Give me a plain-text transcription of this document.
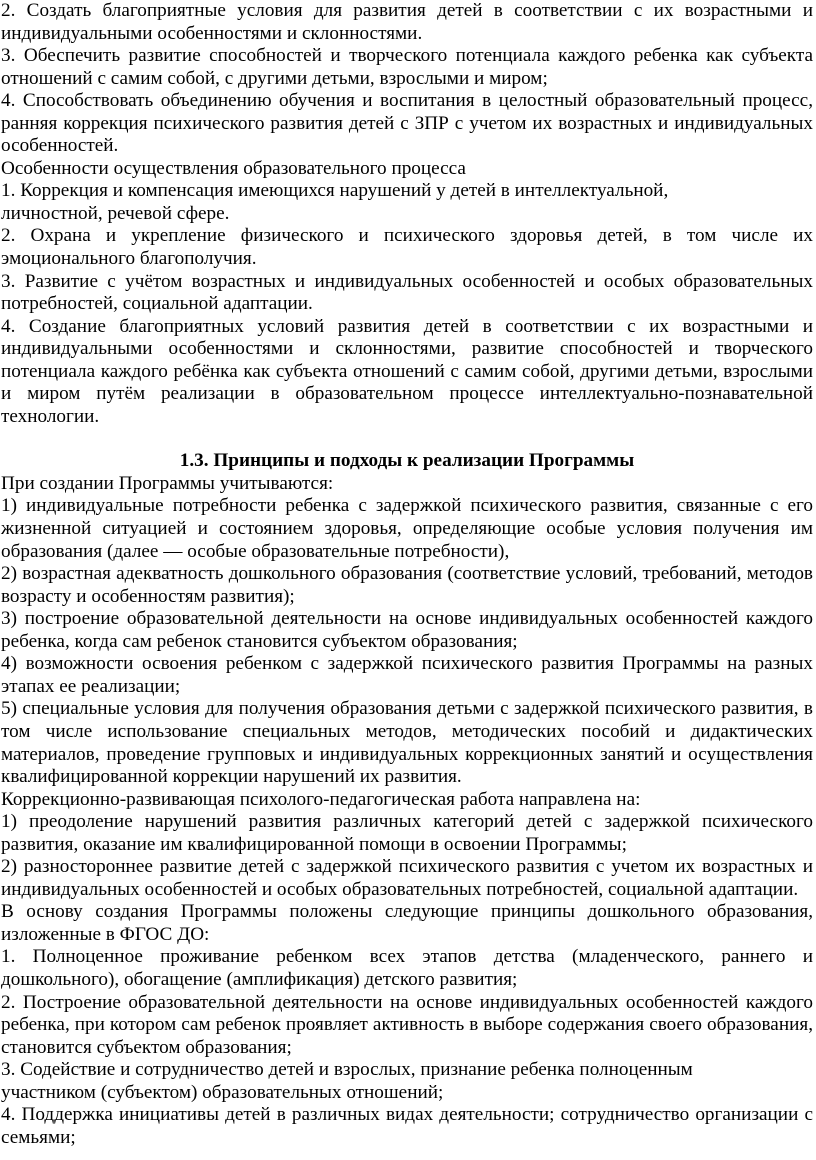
2. Создать благоприятные условия для развития детей в соответствии с их возрастными и индивидуальными особенностями и склонностями.

3. Обеспечить развитие способностей и творческого потенциала каждого ребенка как субъекта отношений с самим собой, с другими детьми, взрослыми и миром;

4. Способствовать объединению обучения и воспитания в целостный образовательный процесс, ранняя коррекция психического развития детей с ЗПР с учетом их возрастных и индивидуальных особенностей.

Особенности осуществления образовательного процесса

1. Коррекция и компенсация имеющихся нарушений у детей в интеллектуальной,
личностной, речевой сфере.

2. Охрана и укрепление физического и психического здоровья детей, в том числе их эмоционального благополучия.

3. Развитие с учётом возрастных и индивидуальных особенностей и особых образовательных потребностей, социальной адаптации.

4. Создание благоприятных условий развития детей в соответствии с их возрастными и индивидуальными особенностями и склонностями, развитие способностей и творческого потенциала каждого ребёнка как субъекта отношений с самим собой, другими детьми, взрослыми и миром путём реализации в образовательном процессе интеллектуально-познавательной технологии.

1.3. Принципы и подходы к реализации Программы

При создании Программы учитываются:

1) индивидуальные потребности ребенка с задержкой психического развития, связанные с его жизненной ситуацией и состоянием здоровья, определяющие особые условия получения им образования (далее — особые образовательные потребности),

2) возрастная адекватность дошкольного образования (соответствие условий, требований, методов возрасту и особенностям развития);

3) построение образовательной деятельности на основе индивидуальных особенностей каждого ребенка, когда сам ребенок становится субъектом образования;

4) возможности освоения ребенком с задержкой психического развития Программы на разных этапах ее реализации;

5) специальные условия для получения образования детьми с задержкой психического развития, в том числе использование специальных методов, методических пособий и дидактических материалов, проведение групповых и индивидуальных коррекционных занятий и осуществления квалифицированной коррекции нарушений их развития.

Коррекционно-развивающая психолого-педагогическая работа направлена на:

1) преодоление нарушений развития различных категорий детей с задержкой психического развития, оказание им квалифицированной помощи в освоении Программы;

2) разностороннее развитие детей с задержкой психического развития с учетом их возрастных и индивидуальных особенностей и особых образовательных потребностей, социальной адаптации.

В основу создания Программы положены следующие принципы дошкольного образования, изложенные в ФГОС ДО:

1. Полноценное проживание ребенком всех этапов детства (младенческого, раннего и дошкольного), обогащение (амплификация) детского развития;

2. Построение образовательной деятельности на основе индивидуальных особенностей каждого ребенка, при котором сам ребенок проявляет активность в выборе содержания своего образования, становится субъектом образования;

3. Содействие и сотрудничество детей и взрослых, признание ребенка полноценным
участником (субъектом) образовательных отношений;

4. Поддержка инициативы детей в различных видах деятельности; сотрудничество организации с семьями;
